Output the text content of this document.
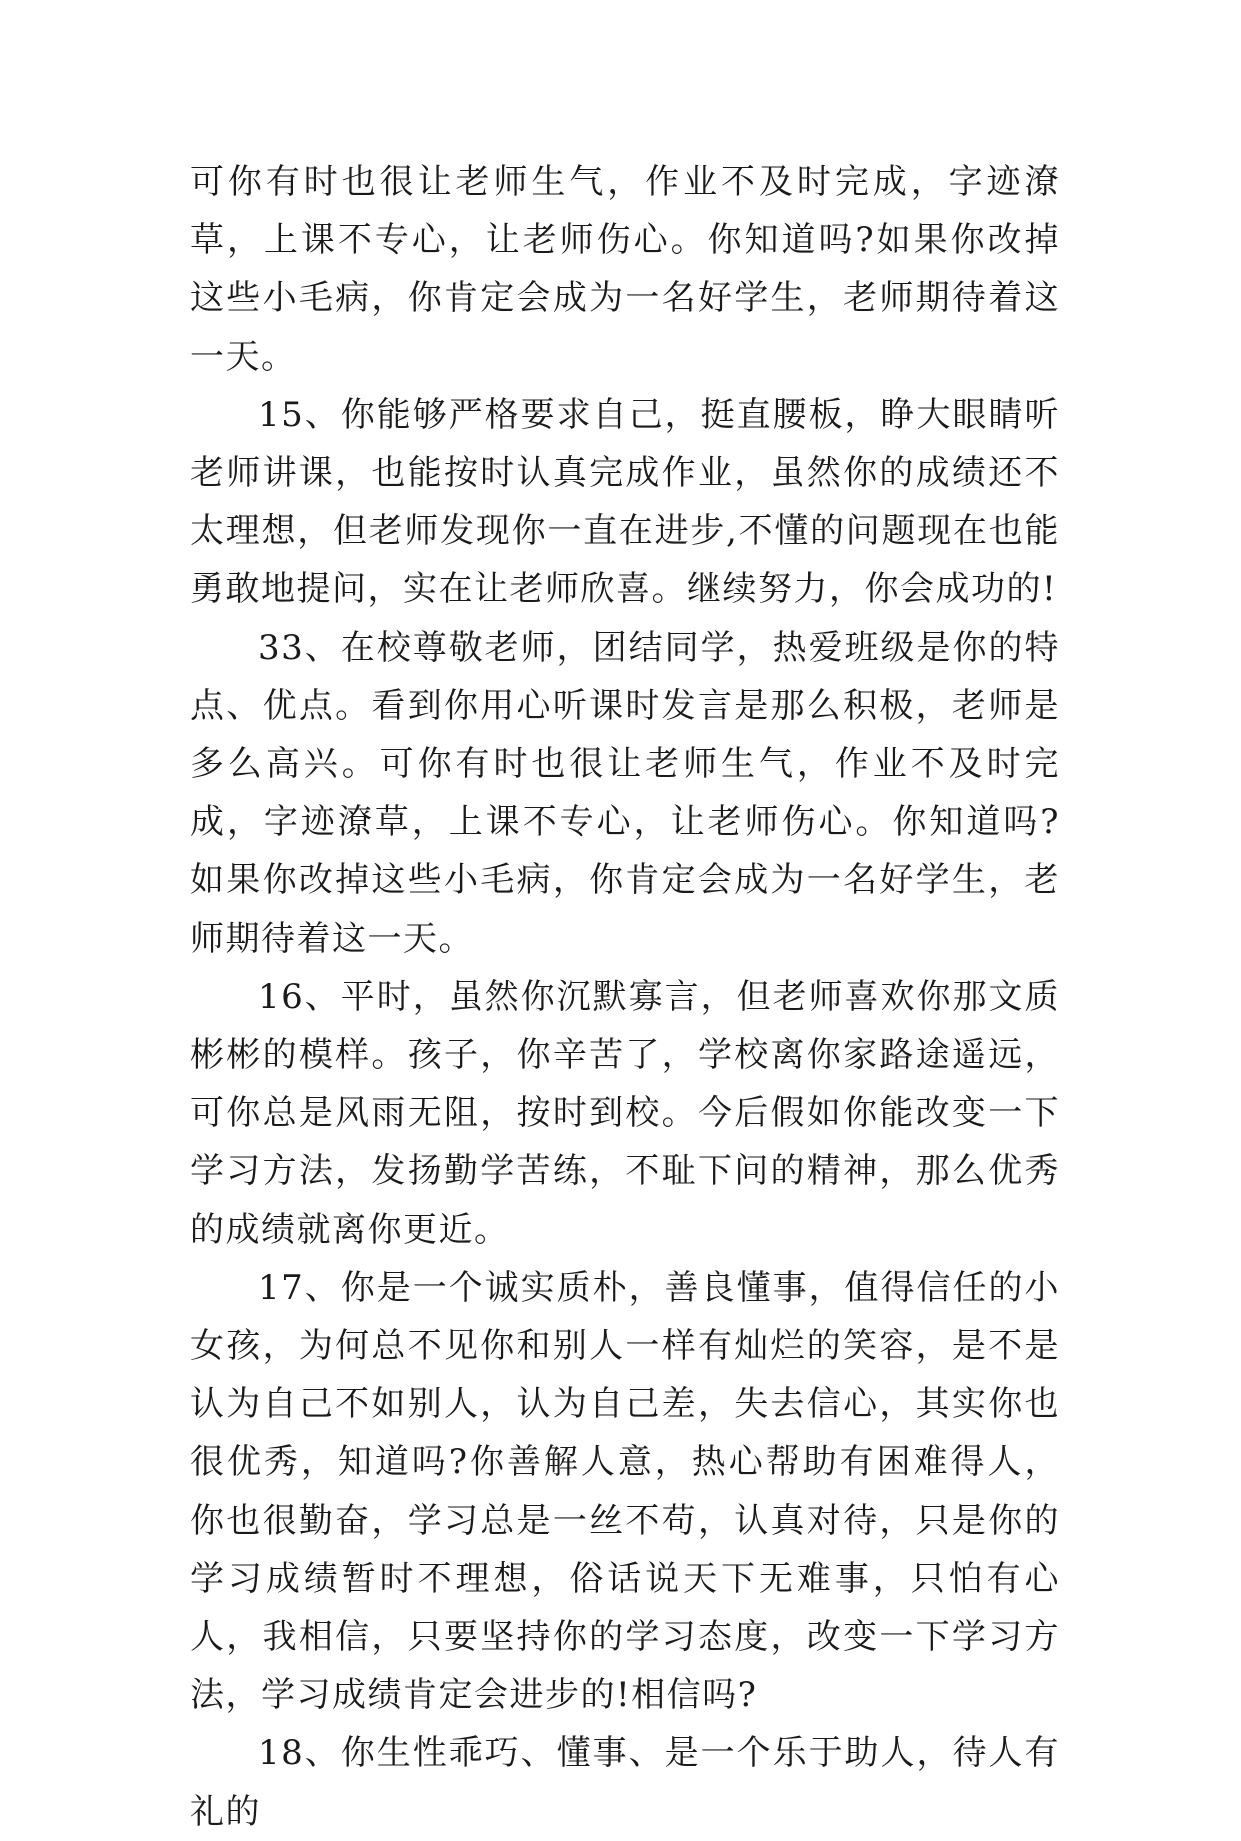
可你有时也很让老师生气，作业不及时完成，字迹潦草，上课不专心，让老师伤心。你知道吗?如果你改掉这些小毛病，你肯定会成为一名好学生，老师期待着这一天。

15、你能够严格要求自己，挺直腰板，睁大眼睛听老师讲课，也能按时认真完成作业，虽然你的成绩还不太理想，但老师发现你一直在进步,不懂的问题现在也能勇敢地提问，实在让老师欣喜。继续努力，你会成功的!

33、在校尊敬老师，团结同学，热爱班级是你的特点、优点。看到你用心听课时发言是那么积极，老师是多么高兴。可你有时也很让老师生气，作业不及时完成，字迹潦草，上课不专心，让老师伤心。你知道吗?如果你改掉这些小毛病，你肯定会成为一名好学生，老师期待着这一天。

16、平时，虽然你沉默寡言，但老师喜欢你那文质彬彬的模样。孩子，你辛苦了，学校离你家路途遥远，可你总是风雨无阻，按时到校。今后假如你能改变一下学习方法，发扬勤学苦练，不耻下问的精神，那么优秀的成绩就离你更近。

17、你是一个诚实质朴，善良懂事，值得信任的小女孩，为何总不见你和别人一样有灿烂的笑容，是不是认为自己不如别人，认为自己差，失去信心，其实你也很优秀，知道吗?你善解人意，热心帮助有困难得人，你也很勤奋，学习总是一丝不苟，认真对待，只是你的学习成绩暂时不理想，俗话说天下无难事，只怕有心人，我相信，只要坚持你的学习态度，改变一下学习方法，学习成绩肯定会进步的!相信吗?

18、你生性乖巧、懂事、是一个乐于助人，待人有礼的
